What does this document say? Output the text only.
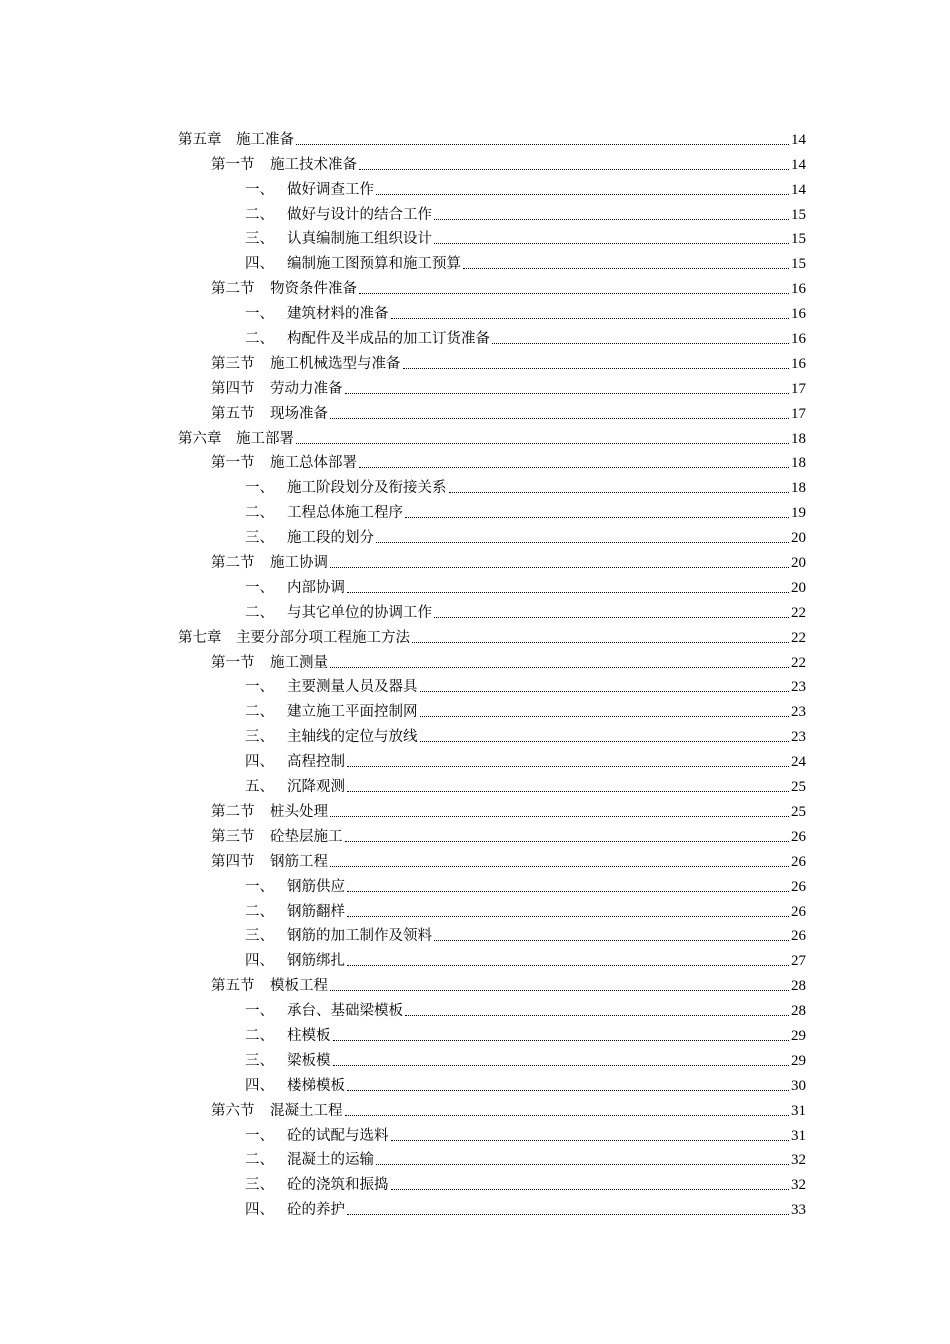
第五章	施工准备	14
第一节	施工技术准备	14
一、 做好调查工作	14
二、 做好与设计的结合工作	15
三、 认真编制施工组织设计	15
四、 编制施工图预算和施工预算	15
第二节	物资条件准备	16
一、 建筑材料的准备	16
二、 构配件及半成品的加工订货准备	16
第三节	施工机械选型与准备	16
第四节	劳动力准备	17
第五节	现场准备	17
第六章	施工部署	18
第一节	施工总体部署	18
一、 施工阶段划分及衔接关系	18
二、 工程总体施工程序	19
三、 施工段的划分	20
第二节	施工协调	20
一、 内部协调	20
二、 与其它单位的协调工作	22
第七章	主要分部分项工程施工方法	22
第一节	施工测量	22
一、 主要测量人员及器具	23
二、 建立施工平面控制网	23
三、 主轴线的定位与放线	23
四、 高程控制	24
五、 沉降观测	25
第二节	桩头处理	25
第三节	砼垫层施工	26
第四节	钢筋工程	26
一、 钢筋供应	26
二、 钢筋翻样	26
三、 钢筋的加工制作及领料	26
四、 钢筋绑扎	27
第五节	模板工程	28
一、 承台、基础梁模板	28
二、 柱模板	29
三、 梁板模	29
四、 楼梯模板	30
第六节	混凝土工程	31
一、 砼的试配与选料	31
二、 混凝土的运输	32
三、 砼的浇筑和振捣	32
四、 砼的养护	33
